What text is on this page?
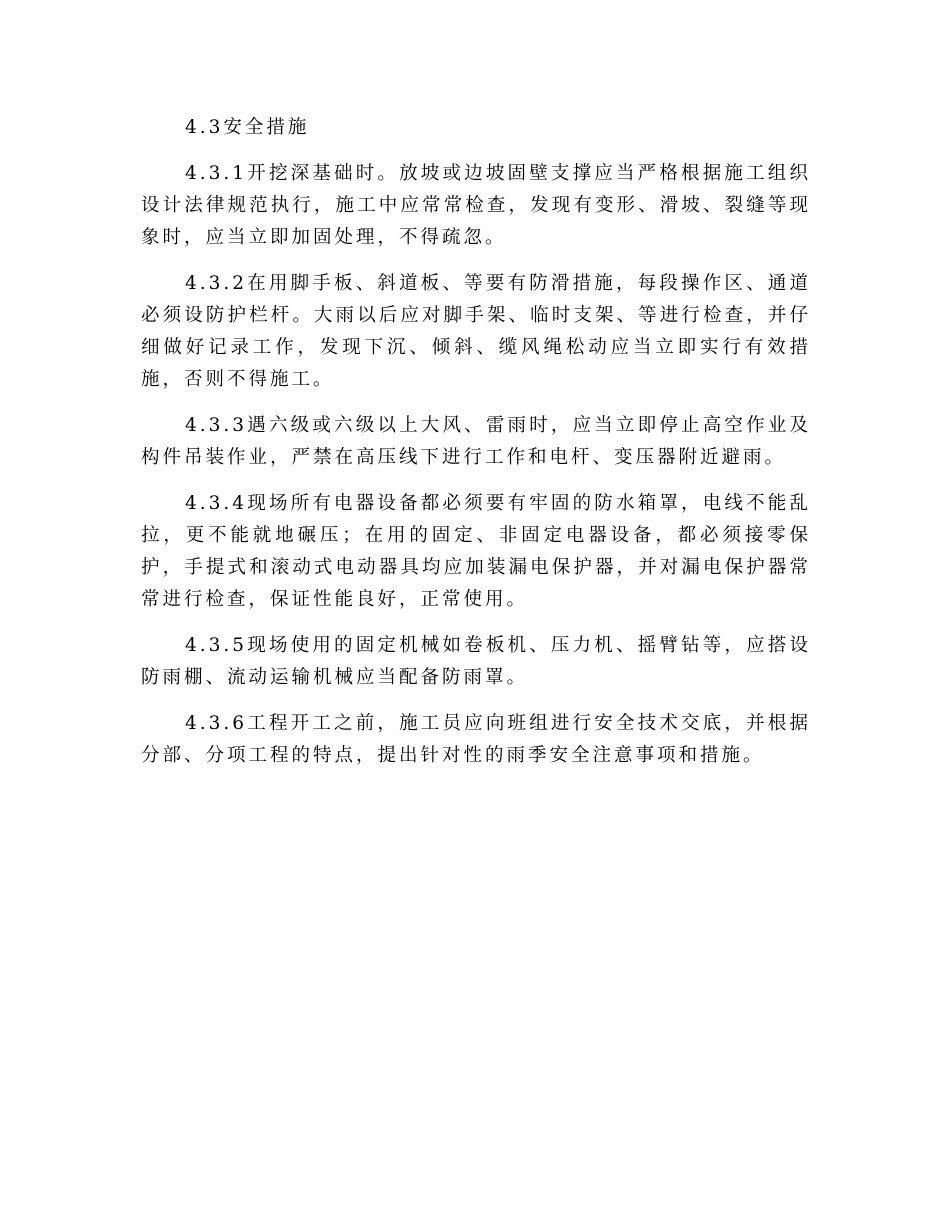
4.3安全措施

4.3.1开挖深基础时。放坡或边坡固壁支撑应当严格根据施工组织设计法律规范执行，施工中应常常检查，发现有变形、滑坡、裂缝等现象时，应当立即加固处理，不得疏忽。

4.3.2在用脚手板、斜道板、等要有防滑措施，每段操作区、通道必须设防护栏杆。大雨以后应对脚手架、临时支架、等进行检查，并仔细做好记录工作，发现下沉、倾斜、缆风绳松动应当立即实行有效措施，否则不得施工。

4.3.3遇六级或六级以上大风、雷雨时，应当立即停止高空作业及构件吊装作业，严禁在高压线下进行工作和电杆、变压器附近避雨。

4.3.4现场所有电器设备都必须要有牢固的防水箱罩，电线不能乱拉，更不能就地碾压；在用的固定、非固定电器设备，都必须接零保护，手提式和滚动式电动器具均应加装漏电保护器，并对漏电保护器常常进行检查，保证性能良好，正常使用。

4.3.5现场使用的固定机械如卷板机、压力机、摇臂钻等，应搭设防雨棚、流动运输机械应当配备防雨罩。

4.3.6工程开工之前，施工员应向班组进行安全技术交底，并根据分部、分项工程的特点，提出针对性的雨季安全注意事项和措施。
